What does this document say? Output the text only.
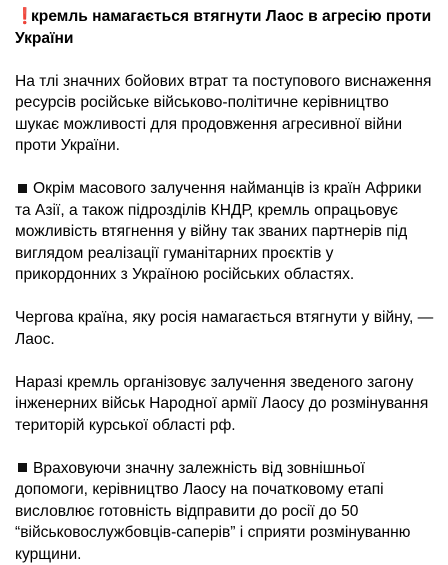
❗кремль намагається втягнути Лаос в агресію проти України

На тлі значних бойових втрат та поступового виснаження ресурсів російське військово-політичне керівництво шукає можливості для продовження агресивної війни проти України.

Окрім масового залучення найманців із країн Африки та Азії, а також підрозділів КНДР, кремль опрацьовує можливість втягнення у війну так званих партнерів під виглядом реалізації гуманітарних проєктів у прикордонних з Україною російських областях.

Чергова країна, яку росія намагається втягнути у війну, — Лаос.

Наразі кремль організовує залучення зведеного загону інженерних військ Народної армії Лаосу до розмінування територій курської області рф.

Враховуючи значну залежність від зовнішньої допомоги, керівництво Лаосу на початковому етапі висловлює готовність відправити до росії до 50 “військовослужбовців-саперів” і сприяти розмінуванню курщини.
